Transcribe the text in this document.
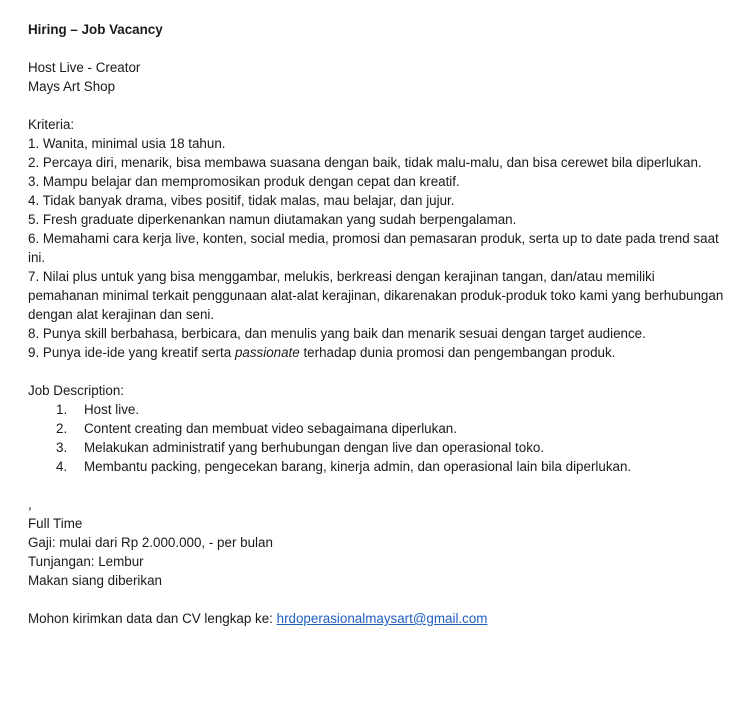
Hiring – Job Vacancy

Host Live - Creator

Mays Art Shop

Kriteria:

1. Wanita, minimal usia 18 tahun.
2. Percaya diri, menarik, bisa membawa suasana dengan baik, tidak malu-malu, dan bisa cerewet bila diperlukan.
3. Mampu belajar dan mempromosikan produk dengan cepat dan kreatif.
4. Tidak banyak drama, vibes positif, tidak malas, mau belajar, dan jujur.
5. Fresh graduate diperkenankan namun diutamakan yang sudah berpengalaman.
6. Memahami cara kerja live, konten, social media, promosi dan pemasaran produk, serta up to date pada trend saat ini.
7. Nilai plus untuk yang bisa menggambar, melukis, berkreasi dengan kerajinan tangan, dan/atau memiliki pemahanan minimal terkait penggunaan alat-alat kerajinan, dikarenakan produk-produk toko kami yang berhubungan dengan alat kerajinan dan seni.
8. Punya skill berbahasa, berbicara, dan menulis yang baik dan menarik sesuai dengan target audience.
9. Punya ide-ide yang kreatif serta passionate terhadap dunia promosi dan pengembangan produk.

Job Description:

1. Host live.
2. Content creating dan membuat video sebagaimana diperlukan.
3. Melakukan administratif yang berhubungan dengan live dan operasional toko.
4. Membantu packing, pengecekan barang, kinerja admin, dan operasional lain bila diperlukan.

,

Full Time

Gaji: mulai dari Rp 2.000.000, - per bulan

Tunjangan: Lembur

Makan siang diberikan

Mohon kirimkan data dan CV lengkap ke: hrdoperasionalmaysart@gmail.com
